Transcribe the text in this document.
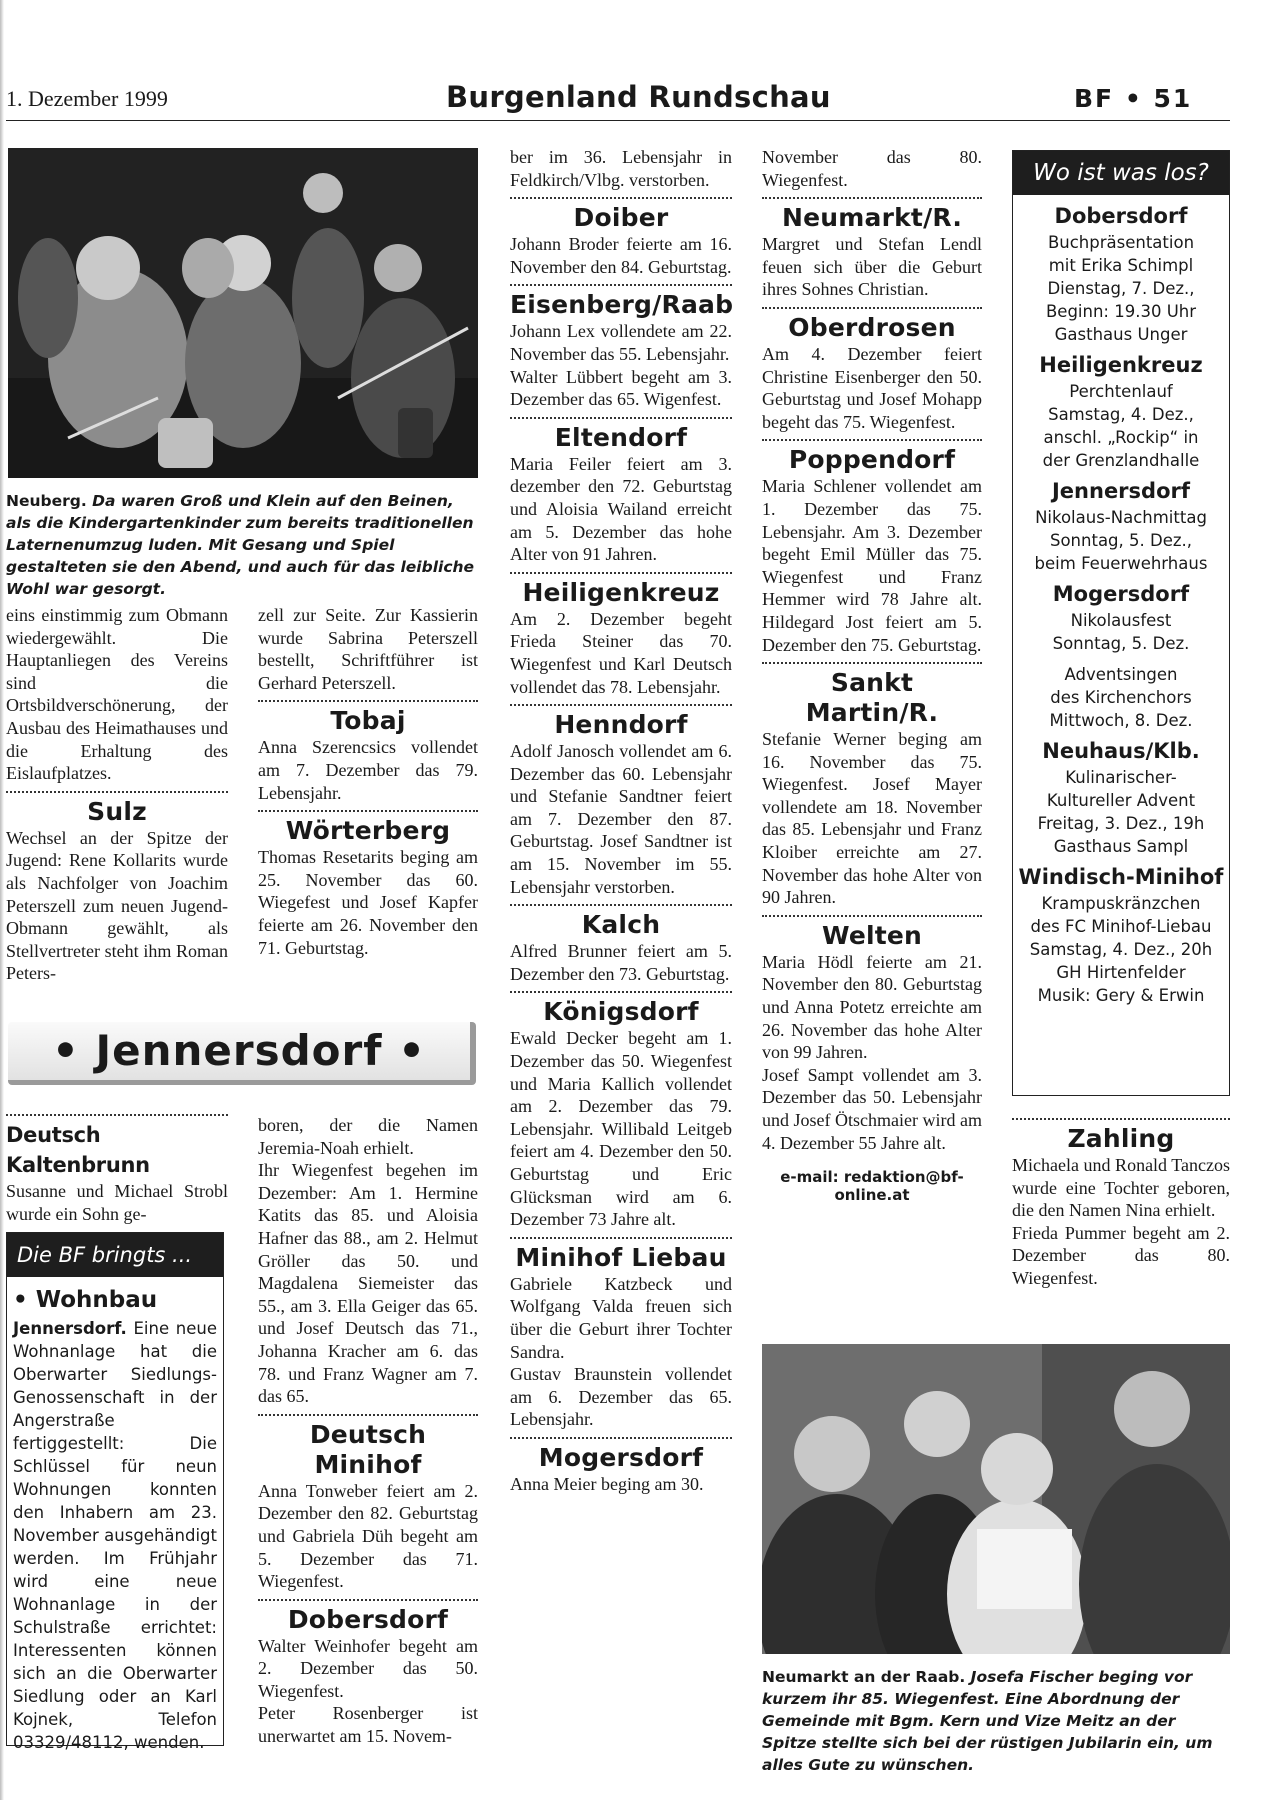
1. Dezember 1999	Burgenland Rundschau	BF • 51

Neuberg. Da waren Groß und Klein auf den Beinen, als die Kindergartenkinder zum bereits traditionellen Laternenumzug luden. Mit Gesang und Spiel gestalteten sie den Abend, und auch für das leibliche Wohl war gesorgt.

eins einstimmig zum Obmann wiedergewählt. Die Hauptanliegen des Vereins sind die Ortsbildverschönerung, der Ausbau des Heimathauses und die Erhaltung des Eislaufplatzes.

Sulz

Wechsel an der Spitze der Jugend: Rene Kollarits wurde als Nachfolger von Joachim Peterszell zum neuen Jugend-Obmann gewählt, als Stellvertreter steht ihm Roman Peters-

zell zur Seite. Zur Kassierin wurde Sabrina Peterszell bestellt, Schriftführer ist Gerhard Peterszell.

Tobaj

Anna Szerencsics vollendet am 7. Dezember das 79. Lebensjahr.

Wörterberg

Thomas Resetarits beging am 25. November das 60. Wiegefest und Josef Kapfer feierte am 26. November den 71. Geburtstag.

• Jennersdorf •
Deutsch Kaltenbrunn

Susanne und Michael Strobl wurde ein Sohn ge-

Die BF bringts ...
• Wohnbau

Jennersdorf. Eine neue Wohnanlage hat die Oberwarter Siedlungs-Genossenschaft in der Angerstraße fertiggestellt: Die Schlüssel für neun Wohnungen konnten den Inhabern am 23. November ausgehändigt werden. Im Frühjahr wird eine neue Wohnanlage in der Schulstraße errichtet: Interessenten können sich an die Oberwarter Siedlung oder an Karl Kojnek, Telefon 03329/48112, wenden.

boren, der die Namen Jeremia-Noah erhielt.

Ihr Wiegenfest begehen im Dezember: Am 1. Hermine Katits das 85. und Aloisia Hafner das 88., am 2. Helmut Gröller das 50. und Magdalena Siemeister das 55., am 3. Ella Geiger das 65. und Josef Deutsch das 71., Johanna Kracher am 6. das 78. und Franz Wagner am 7. das 65.

Deutsch Minihof

Anna Tonweber feiert am 2. Dezember den 82. Geburtstag und Gabriela Düh begeht am 5. Dezember das 71. Wiegenfest.

Dobersdorf

Walter Weinhofer begeht am 2. Dezember das 50. Wiegenfest.

Peter Rosenberger ist unerwartet am 15. Novem-

ber im 36. Lebensjahr in Feldkirch/Vlbg. verstorben.

Doiber

Johann Broder feierte am 16. November den 84. Geburtstag.

Eisenberg/Raab

Johann Lex vollendete am 22. November das 55. Lebensjahr.

Walter Lübbert begeht am 3. Dezember das 65. Wigenfest.

Eltendorf

Maria Feiler feiert am 3. dezember den 72. Geburtstag und Aloisia Wailand erreicht am 5. Dezember das hohe Alter von 91 Jahren.

Heiligenkreuz

Am 2. Dezember begeht Frieda Steiner das 70. Wiegenfest und Karl Deutsch vollendet das 78. Lebensjahr.

Henndorf

Adolf Janosch vollendet am 6. Dezember das 60. Lebensjahr und Stefanie Sandtner feiert am 7. Dezember den 87. Geburtstag. Josef Sandtner ist am 15. November im 55. Lebensjahr verstorben.

Kalch

Alfred Brunner feiert am 5. Dezember den 73. Geburtstag.

Königsdorf

Ewald Decker begeht am 1. Dezember das 50. Wiegenfest und Maria Kallich vollendet am 2. Dezember das 79. Lebensjahr. Willibald Leitgeb feiert am 4. Dezember den 50. Geburtstag und Eric Glücksman wird am 6. Dezember 73 Jahre alt.

Minihof Liebau

Gabriele Katzbeck und Wolfgang Valda freuen sich über die Geburt ihrer Tochter Sandra.

Gustav Braunstein vollendet am 6. Dezember das 65. Lebensjahr.

Mogersdorf

Anna Meier beging am 30.

November das 80. Wiegenfest.

Neumarkt/R.

Margret und Stefan Lendl feuen sich über die Geburt ihres Sohnes Christian.

Oberdrosen

Am 4. Dezember feiert Christine Eisenberger den 50. Geburtstag und Josef Mohapp begeht das 75. Wiegenfest.

Poppendorf

Maria Schlener vollendet am 1. Dezember das 75. Lebensjahr. Am 3. Dezember begeht Emil Müller das 75. Wiegenfest und Franz Hemmer wird 78 Jahre alt. Hildegard Jost feiert am 5. Dezember den 75. Geburtstag.

Sankt Martin/R.

Stefanie Werner beging am 16. November das 75. Wiegenfest. Josef Mayer vollendete am 18. November das 85. Lebensjahr und Franz Kloiber erreichte am 27. November das hohe Alter von 90 Jahren.

Welten

Maria Hödl feierte am 21. November den 80. Geburtstag und Anna Potetz erreichte am 26. November das hohe Alter von 99 Jahren.

Josef Sampt vollendet am 3. Dezember das 50. Lebensjahr und Josef Ötschmaier wird am 4. Dezember 55 Jahre alt.

e-mail: redaktion@bf-online.at
Wo ist was los?
Dobersdorf
Buchpräsentation
mit Erika Schimpl
Dienstag, 7. Dez.,
Beginn: 19.30 Uhr
Gasthaus Unger
Heiligenkreuz
Perchtenlauf
Samstag, 4. Dez.,
anschl. „Rockip“ in
der Grenzlandhalle
Jennersdorf
Nikolaus-Nachmittag
Sonntag, 5. Dez.,
beim Feuerwehrhaus
Mogersdorf
Nikolausfest
Sonntag, 5. Dez.
Adventsingen
des Kirchenchors
Mittwoch, 8. Dez.
Neuhaus/Klb.
Kulinarischer-
Kultureller Advent
Freitag, 3. Dez., 19h
Gasthaus Sampl
Windisch-Minihof
Krampuskränzchen
des FC Minihof-Liebau
Samstag, 4. Dez., 20h
GH Hirtenfelder
Musik: Gery & Erwin
Zahling

Michaela und Ronald Tanczos wurde eine Tochter geboren, die den Namen Nina erhielt.

Frieda Pummer begeht am 2. Dezember das 80. Wiegenfest.

Neumarkt an der Raab. Josefa Fischer beging vor kurzem ihr 85. Wiegenfest. Eine Abordnung der Gemeinde mit Bgm. Kern und Vize Meitz an der Spitze stellte sich bei der rüstigen Jubilarin ein, um alles Gute zu wünschen.
